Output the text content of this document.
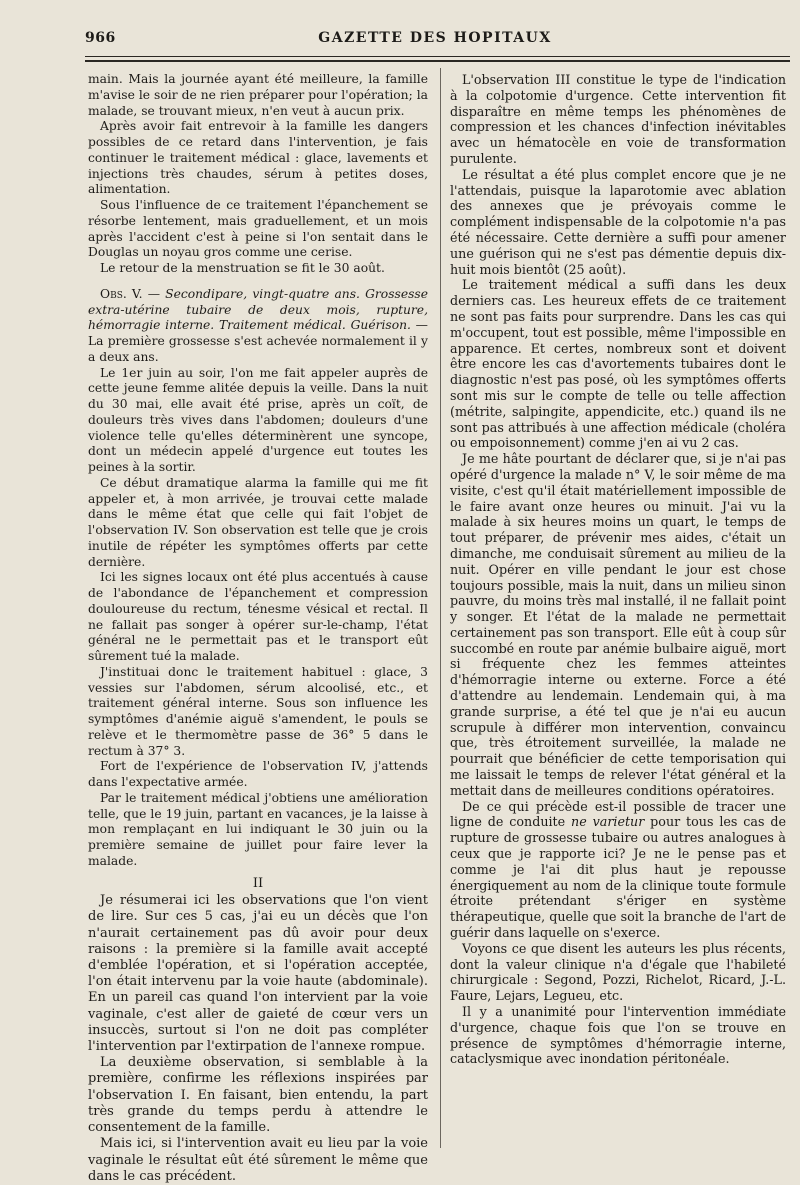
966	GAZETTE DES HOPITAUX

main. Mais la journée ayant été meilleure, la famille m'avise le soir de ne rien préparer pour l'opération; la malade, se trouvant mieux, n'en veut à aucun prix.

Après avoir fait entrevoir à la famille les dangers possibles de ce retard dans l'intervention, je fais continuer le traitement médical : glace, lavements et injections très chaudes, sérum à petites doses, alimentation.

Sous l'influence de ce traitement l'épanchement se résorbe lentement, mais graduellement, et un mois après l'accident c'est à peine si l'on sentait dans le Douglas un noyau gros comme une cerise.

Le retour de la menstruation se fit le 30 août.

Obs. V. — Secondipare, vingt-quatre ans. Grossesse extra-utérine tubaire de deux mois, rupture, hémorragie interne. Traitement médical. Guérison. — La première grossesse s'est achevée normalement il y a deux ans.

Le 1er juin au soir, l'on me fait appeler auprès de cette jeune femme alitée depuis la veille. Dans la nuit du 30 mai, elle avait été prise, après un coït, de douleurs très vives dans l'abdomen; douleurs d'une violence telle qu'elles déterminèrent une syncope, dont un médecin appelé d'urgence eut toutes les peines à la sortir.

Ce début dramatique alarma la famille qui me fit appeler et, à mon arrivée, je trouvai cette malade dans le même état que celle qui fait l'objet de l'observation IV. Son observation est telle que je crois inutile de répéter les symptômes offerts par cette dernière.

Ici les signes locaux ont été plus accentués à cause de l'abondance de l'épanchement et compression douloureuse du rectum, ténesme vésical et rectal. Il ne fallait pas songer à opérer sur-le-champ, l'état général ne le permettait pas et le transport eût sûrement tué la malade.

J'instituai donc le traitement habituel : glace, 3 vessies sur l'abdomen, sérum alcoolisé, etc., et traitement général interne. Sous son influence les symptômes d'anémie aiguë s'amendent, le pouls se relève et le thermomètre passe de 36° 5 dans le rectum à 37° 3.

Fort de l'expérience de l'observation IV, j'attends dans l'expectative armée.

Par le traitement médical j'obtiens une amélioration telle, que le 19 juin, partant en vacances, je la laisse à mon remplaçant en lui indiquant le 30 juin ou la première semaine de juillet pour faire lever la malade.

II

Je résumerai ici les observations que l'on vient de lire. Sur ces 5 cas, j'ai eu un décès que l'on n'aurait certainement pas dû avoir pour deux raisons : la première si la famille avait accepté d'emblée l'opération, et si l'opération acceptée, l'on était intervenu par la voie haute (abdominale). En un pareil cas quand l'on intervient par la voie vaginale, c'est aller de gaieté de cœur vers un insuccès, surtout si l'on ne doit pas compléter l'intervention par l'extirpation de l'annexe rompue.

La deuxième observation, si semblable à la première, confirme les réflexions inspirées par l'observation I. En faisant, bien entendu, la part très grande du temps perdu à attendre le consentement de la famille.

Mais ici, si l'intervention avait eu lieu par la voie vaginale le résultat eût été sûrement le même que dans le cas précédent.

L'observation III constitue le type de l'indication à la colpotomie d'urgence. Cette intervention fit disparaître en même temps les phénomènes de compression et les chances d'infection inévitables avec un hématocèle en voie de transformation purulente.

Le résultat a été plus complet encore que je ne l'attendais, puisque la laparotomie avec ablation des annexes que je prévoyais comme le complément indispensable de la colpotomie n'a pas été nécessaire. Cette dernière a suffi pour amener une guérison qui ne s'est pas démentie depuis dix-huit mois bientôt (25 août).

Le traitement médical a suffi dans les deux derniers cas. Les heureux effets de ce traitement ne sont pas faits pour surprendre. Dans les cas qui m'occupent, tout est possible, même l'impossible en apparence. Et certes, nombreux sont et doivent être encore les cas d'avortements tubaires dont le diagnostic n'est pas posé, où les symptômes offerts sont mis sur le compte de telle ou telle affection (métrite, salpingite, appendicite, etc.) quand ils ne sont pas attribués à une affection médicale (choléra ou empoisonnement) comme j'en ai vu 2 cas.

Je me hâte pourtant de déclarer que, si je n'ai pas opéré d'urgence la malade n° V, le soir même de ma visite, c'est qu'il était matériellement impossible de le faire avant onze heures ou minuit. J'ai vu la malade à six heures moins un quart, le temps de tout préparer, de prévenir mes aides, c'était un dimanche, me conduisait sûrement au milieu de la nuit. Opérer en ville pendant le jour est chose toujours possible, mais la nuit, dans un milieu sinon pauvre, du moins très mal installé, il ne fallait point y songer. Et l'état de la malade ne permettait certainement pas son transport. Elle eût à coup sûr succombé en route par anémie bulbaire aiguë, mort si fréquente chez les femmes atteintes d'hémorragie interne ou externe. Force a été d'attendre au lendemain. Lendemain qui, à ma grande surprise, a été tel que je n'ai eu aucun scrupule à différer mon intervention, convaincu que, très étroitement surveillée, la malade ne pourrait que bénéficier de cette temporisation qui me laissait le temps de relever l'état général et la mettait dans de meilleures conditions opératoires.

De ce qui précède est-il possible de tracer une ligne de conduite ne varietur pour tous les cas de rupture de grossesse tubaire ou autres analogues à ceux que je rapporte ici? Je ne le pense pas et comme je l'ai dit plus haut je repousse énergiquement au nom de la clinique toute formule étroite prétendant s'ériger en système thérapeutique, quelle que soit la branche de l'art de guérir dans laquelle on s'exerce.

Voyons ce que disent les auteurs les plus récents, dont la valeur clinique n'a d'égale que l'habileté chirurgicale : Segond, Pozzi, Richelot, Ricard, J.-L. Faure, Lejars, Legueu, etc.

Il y a unanimité pour l'intervention immédiate d'urgence, chaque fois que l'on se trouve en présence de symptômes d'hémorragie interne, cataclysmique avec inondation péritonéale.
